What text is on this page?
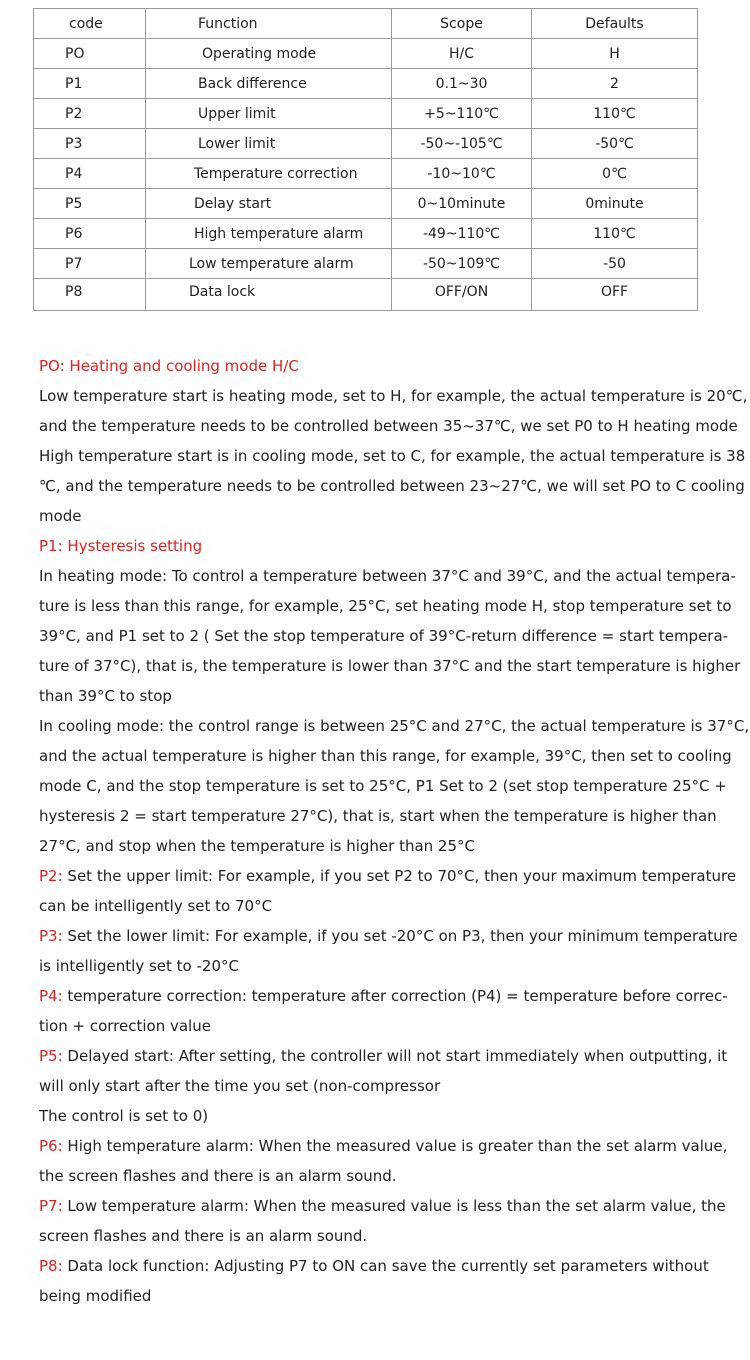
code	Function	Scope	Defaults
PO	Operating mode	H/C	H
P1	Back difference	0.1~30	2
P2	Upper limit	+5~110℃	110℃
P3	Lower limit	-50~-105℃	-50℃
P4	Temperature correction	-10~10℃	0℃
P5	Delay start	0~10minute	0minute
P6	High temperature alarm	-49~110℃	110℃
P7	Low temperature alarm	-50~109℃	-50
P8	Data lock	OFF/ON	OFF
PO: Heating and cooling mode H/C
Low temperature start is heating mode, set to H, for example, the actual temperature is 20℃,
and the temperature needs to be controlled between 35~37℃, we set P0 to H heating mode
High temperature start is in cooling mode, set to C, for example, the actual temperature is 38
℃, and the temperature needs to be controlled between 23~27℃, we will set PO to C cooling
mode
P1: Hysteresis setting
In heating mode: To control a temperature between 37°C and 39°C, and the actual tempera-
ture is less than this range, for example, 25°C, set heating mode H, stop temperature set to
39°C, and P1 set to 2 ( Set the stop temperature of 39°C-return difference = start tempera-
ture of 37°C), that is, the temperature is lower than 37°C and the start temperature is higher
than 39°C to stop
In cooling mode: the control range is between 25°C and 27°C, the actual temperature is 37°C,
and the actual temperature is higher than this range, for example, 39°C, then set to cooling
mode C, and the stop temperature is set to 25°C, P1 Set to 2 (set stop temperature 25°C +
hysteresis 2 = start temperature 27°C), that is, start when the temperature is higher than
27°C, and stop when the temperature is higher than 25°C
P2: Set the upper limit: For example, if you set P2 to 70°C, then your maximum temperature
can be intelligently set to 70°C
P3: Set the lower limit: For example, if you set -20°C on P3, then your minimum temperature
is intelligently set to -20°C
P4: temperature correction: temperature after correction (P4) = temperature before correc-
tion + correction value
P5: Delayed start: After setting, the controller will not start immediately when outputting, it
will only start after the time you set (non-compressor
The control is set to 0)
P6: High temperature alarm: When the measured value is greater than the set alarm value,
the screen flashes and there is an alarm sound.
P7: Low temperature alarm: When the measured value is less than the set alarm value, the
screen flashes and there is an alarm sound.
P8: Data lock function: Adjusting P7 to ON can save the currently set parameters without
being modified
